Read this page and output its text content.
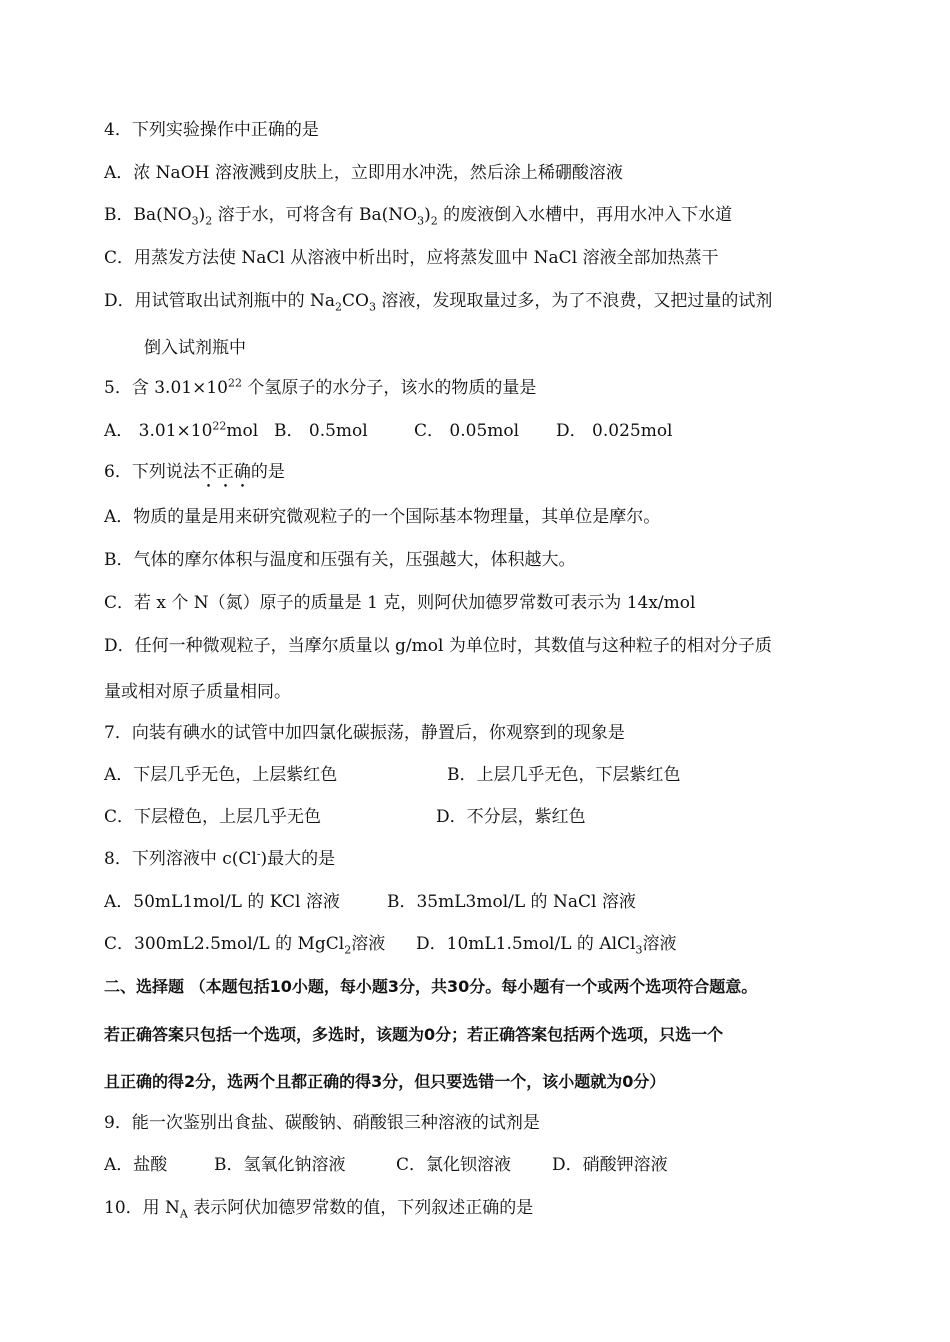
4．下列实验操作中正确的是
A．浓 NaOH 溶液溅到皮肤上，立即用水冲洗，然后涂上稀硼酸溶液
B．$Ba(NO_3)_2$ 溶于水，可将含有 $Ba(NO_3)_2$ 的废液倒入水槽中，再用水冲入下水道
C．用蒸发方法使 NaCl 从溶液中析出时，应将蒸发皿中 NaCl 溶液全部加热蒸干
D．用试管取出试剂瓶中的 $Na_2CO_3$ 溶液，发现取量过多，为了不浪费，又把过量的试剂
倒入试剂瓶中
5．含 $3.01\times 10^{22}$ 个氢原子的水分子，该水的物质的量是
A． $3.01\times 10^{22}mol$ B． 0.5mol	C． 0.05mol D． 0.025mol
6．下列说法不正确的是
A．物质的量是用来研究微观粒子的一个国际基本物理量，其单位是摩尔。
B．气体的摩尔体积与温度和压强有关，压强越大，体积越大。
C．若 x 个 N（氮）原子的质量是 1 克，则阿伏加德罗常数可表示为 14x/mol
D．任何一种微观粒子，当摩尔质量以 g/mol 为单位时，其数值与这种粒子的相对分子质
量或相对原子质量相同。
7．向装有碘水的试管中加四氯化碳振荡，静置后，你观察到的现象是
A．下层几乎无色，上层紫红色	B．上层几乎无色，下层紫红色
C．下层橙色，上层几乎无色	D．不分层，紫红色
8．下列溶液中 c(Cl-)最大的是
A．50mL1mol/L 的 KCl 溶液	B．35mL3mol/L 的 NaCl 溶液
C．300mL2.5mol/L 的 MgCl$_2$溶液 D．10mL1.5mol/L 的 AlCl$_3$溶液
二、选择题 （本题包括10小题，每小题3分，共30分。每小题有一个或两个选项符合题意。
若正确答案只包括一个选项，多选时，该题为0分；若正确答案包括两个选项，只选一个
且正确的得2分，选两个且都正确的得3分，但只要选错一个，该小题就为0分）
9．能一次鉴别出食盐、碳酸钠、硝酸银三种溶液的试剂是
A．盐酸	B．氢氧化钠溶液	C．氯化钡溶液 D．硝酸钾溶液
10．用 $N_A$ 表示阿伏加德罗常数的值，下列叙述正确的是
